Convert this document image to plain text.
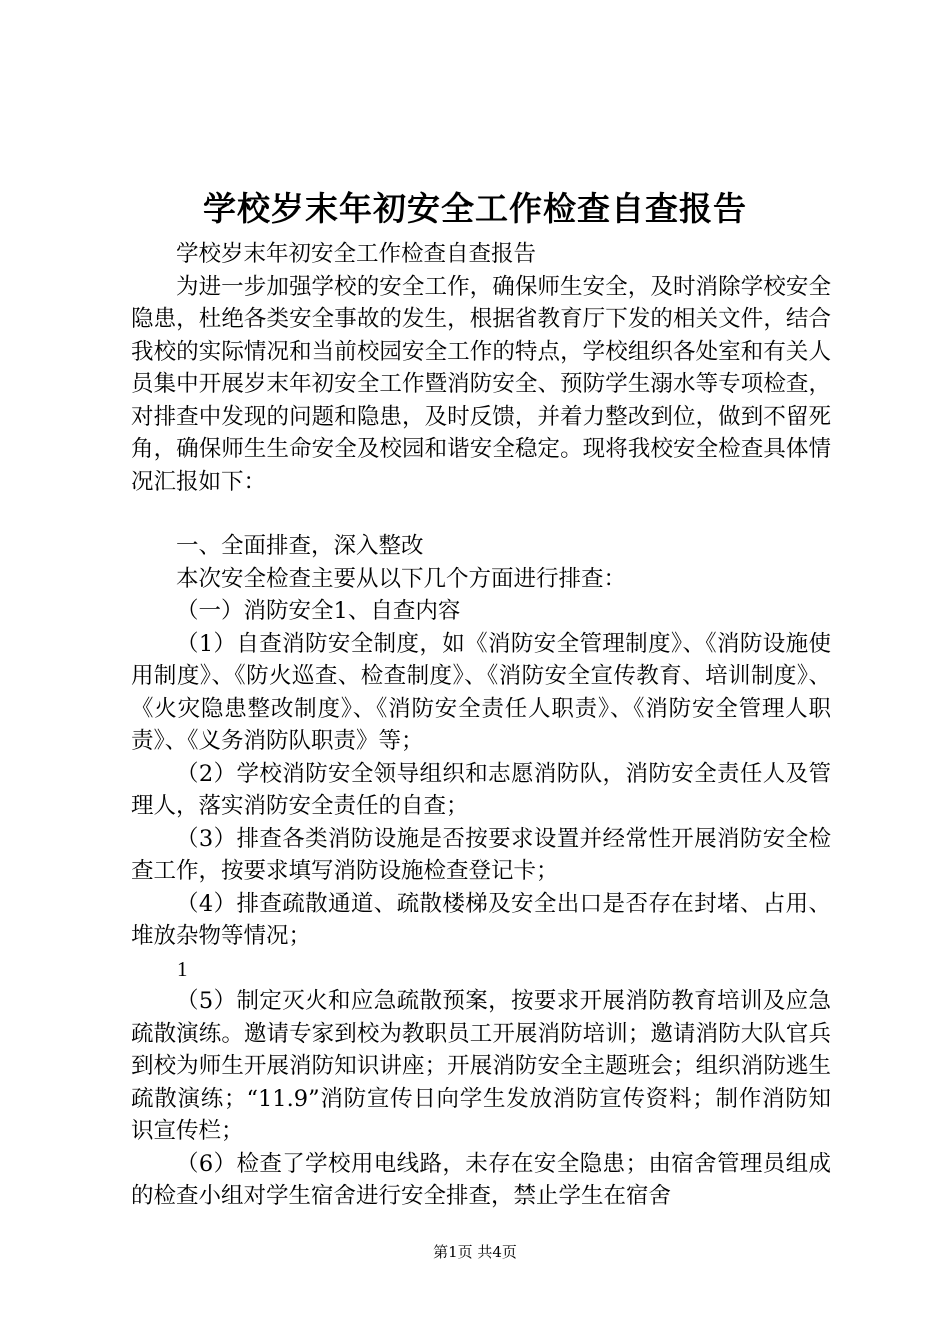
学校岁末年初安全工作检查自查报告

学校岁末年初安全工作检查自查报告

为进一步加强学校的安全工作，确保师生安全，及时消除学校安全隐患，杜绝各类安全事故的发生，根据省教育厅下发的相关文件，结合我校的实际情况和当前校园安全工作的特点，学校组织各处室和有关人员集中开展岁末年初安全工作暨消防安全、预防学生溺水等专项检查，对排查中发现的问题和隐患，及时反馈，并着力整改到位，做到不留死角，确保师生生命安全及校园和谐安全稳定。现将我校安全检查具体情况汇报如下：

一、全面排查，深入整改

本次安全检查主要从以下几个方面进行排查：

（一）消防安全1、自查内容

（1）自查消防安全制度，如《消防安全管理制度》、《消防设施使用制度》、《防火巡查、检查制度》、《消防安全宣传教育、培训制度》、《火灾隐患整改制度》、《消防安全责任人职责》、《消防安全管理人职责》、《义务消防队职责》等；

（2）学校消防安全领导组织和志愿消防队，消防安全责任人及管理人，落实消防安全责任的自查；

（3）排查各类消防设施是否按要求设置并经常性开展消防安全检查工作，按要求填写消防设施检查登记卡；

（4）排查疏散通道、疏散楼梯及安全出口是否存在封堵、占用、堆放杂物等情况；

1

（5）制定灭火和应急疏散预案，按要求开展消防教育培训及应急疏散演练。邀请专家到校为教职员工开展消防培训；邀请消防大队官兵到校为师生开展消防知识讲座；开展消防安全主题班会；组织消防逃生疏散演练；“11.9”消防宣传日向学生发放消防宣传资料；制作消防知识宣传栏；

（6）检查了学校用电线路，未存在安全隐患；由宿舍管理员组成的检查小组对学生宿舍进行安全排查，禁止学生在宿舍

第1页 共4页
